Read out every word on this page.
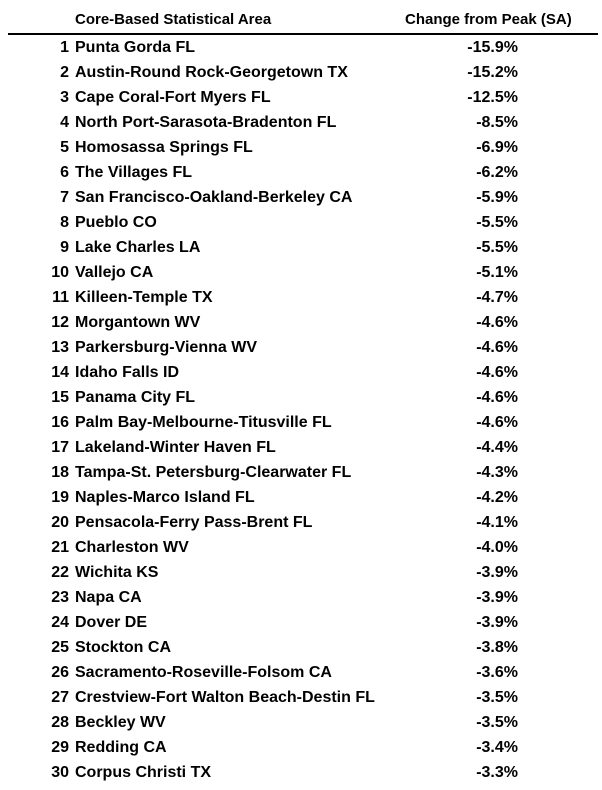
Core-Based Statistical Area	Change from Peak (SA)
1 Punta Gorda FL	-15.9%
2 Austin-Round Rock-Georgetown TX	-15.2%
3 Cape Coral-Fort Myers FL	-12.5%
4 North Port-Sarasota-Bradenton FL	-8.5%
5 Homosassa Springs FL	-6.9%
6 The Villages FL	-6.2%
7 San Francisco-Oakland-Berkeley CA	-5.9%
8 Pueblo CO	-5.5%
9 Lake Charles LA	-5.5%
10 Vallejo CA	-5.1%
11 Killeen-Temple TX	-4.7%
12 Morgantown WV	-4.6%
13 Parkersburg-Vienna WV	-4.6%
14 Idaho Falls ID	-4.6%
15 Panama City FL	-4.6%
16 Palm Bay-Melbourne-Titusville FL	-4.6%
17 Lakeland-Winter Haven FL	-4.4%
18 Tampa-St. Petersburg-Clearwater FL	-4.3%
19 Naples-Marco Island FL	-4.2%
20 Pensacola-Ferry Pass-Brent FL	-4.1%
21 Charleston WV	-4.0%
22 Wichita KS	-3.9%
23 Napa CA	-3.9%
24 Dover DE	-3.9%
25 Stockton CA	-3.8%
26 Sacramento-Roseville-Folsom CA	-3.6%
27 Crestview-Fort Walton Beach-Destin FL	-3.5%
28 Beckley WV	-3.5%
29 Redding CA	-3.4%
30 Corpus Christi TX	-3.3%
